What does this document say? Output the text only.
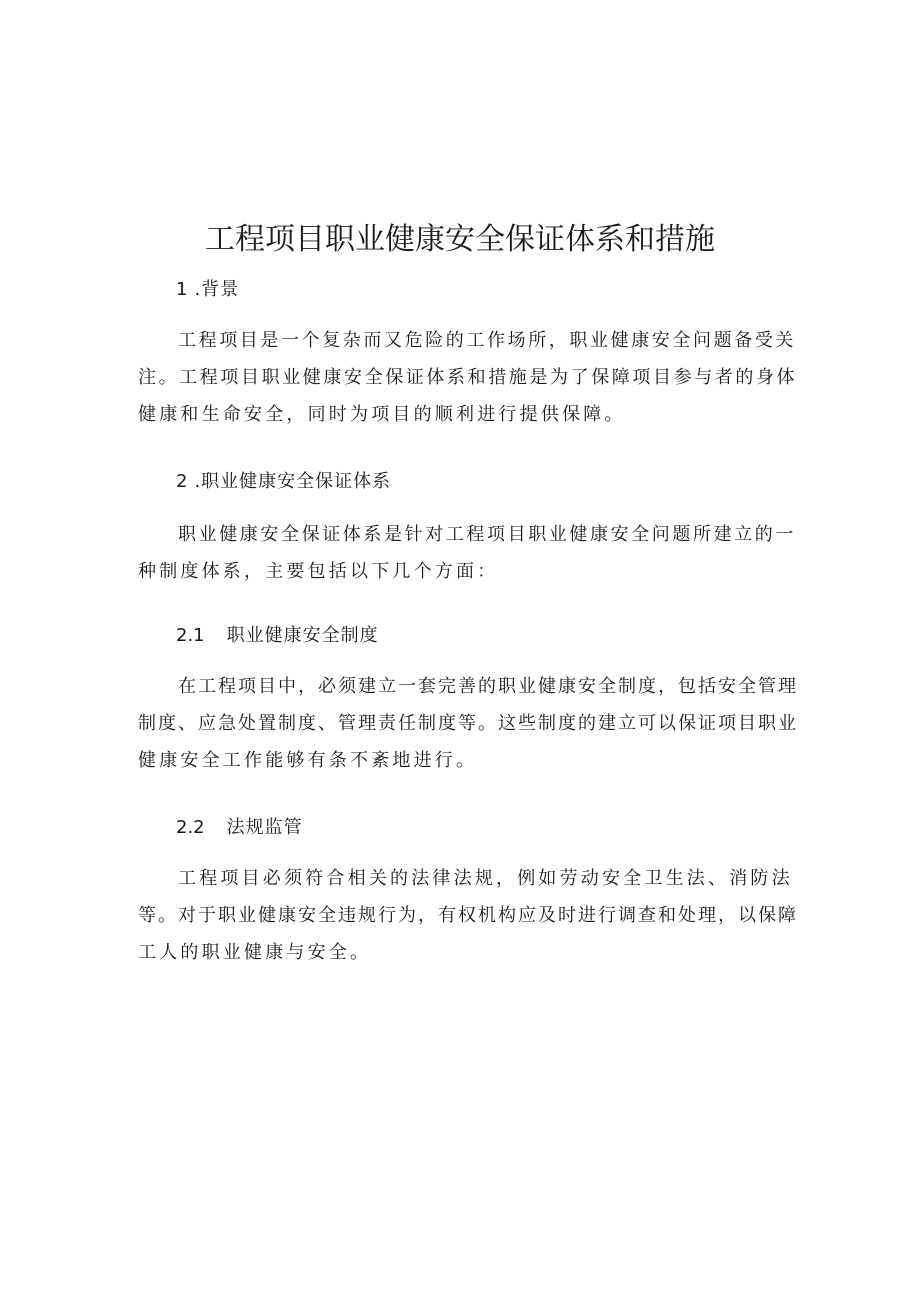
工程项目职业健康安全保证体系和措施

1 .背景

工程项目是一个复杂而又危险的工作场所，职业健康安全问题备受关
注。工程项目职业健康安全保证体系和措施是为了保障项目参与者的身体
健康和生命安全，同时为项目的顺利进行提供保障。

2 .职业健康安全保证体系

职业健康安全保证体系是针对工程项目职业健康安全问题所建立的一
种制度体系，主要包括以下几个方面：

2.1 职业健康安全制度

在工程项目中，必须建立一套完善的职业健康安全制度，包括安全管理
制度、应急处置制度、管理责任制度等。这些制度的建立可以保证项目职业
健康安全工作能够有条不紊地进行。

2.2 法规监管

工程项目必须符合相关的法律法规，例如劳动安全卫生法、消防法
等。对于职业健康安全违规行为，有权机构应及时进行调查和处理，以保障
工人的职业健康与安全。
